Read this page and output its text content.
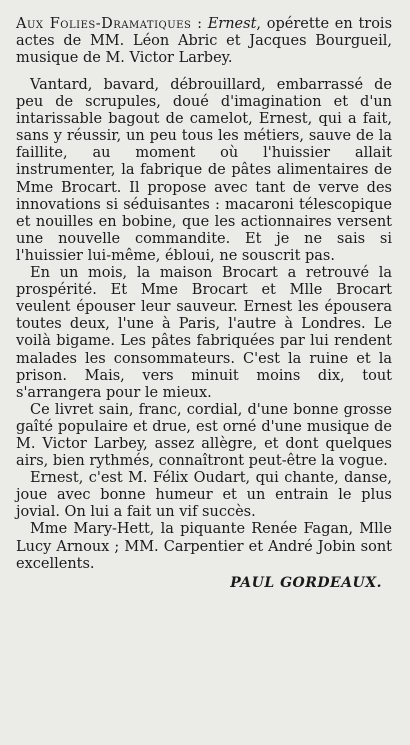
Aux Folies-Dramatiques : Ernest, opérette en trois actes de MM. Léon Abric et Jacques Bourgueil, musique de M. Victor Larbey.

Vantard, bavard, débrouillard, embarrassé de peu de scrupules, doué d'imagination et d'un intarissable bagout de camelot, Ernest, qui a fait, sans y réussir, un peu tous les métiers, sauve de la faillite, au moment où l'huissier allait instrumenter, la fabrique de pâtes alimentaires de Mme Brocart. Il propose avec tant de verve des innovations si séduisantes : macaroni télescopique et nouilles en bobine, que les actionnaires versent une nouvelle commandite. Et je ne sais si l'huissier lui-même, ébloui, ne souscrit pas.

En un mois, la maison Brocart a retrouvé la prospérité. Et Mme Brocart et Mlle Brocart veulent épouser leur sauveur. Ernest les épousera toutes deux, l'une à Paris, l'autre à Londres. Le voilà bigame. Les pâtes fabriquées par lui rendent malades les consommateurs. C'est la ruine et la prison. Mais, vers minuit moins dix, tout s'arrangera pour le mieux.

Ce livret sain, franc, cordial, d'une bonne grosse gaîté populaire et drue, est orné d'une musique de M. Victor Larbey, assez allègre, et dont quelques airs, bien rythmés, connaîtront peut-être la vogue.

Ernest, c'est M. Félix Oudart, qui chante, danse, joue avec bonne humeur et un entrain le plus jovial. On lui a fait un vif succès.

Mme Mary-Hett, la piquante Renée Fagan, Mlle Lucy Arnoux ; MM. Carpentier et André Jobin sont excellents.

PAUL GORDEAUX.
